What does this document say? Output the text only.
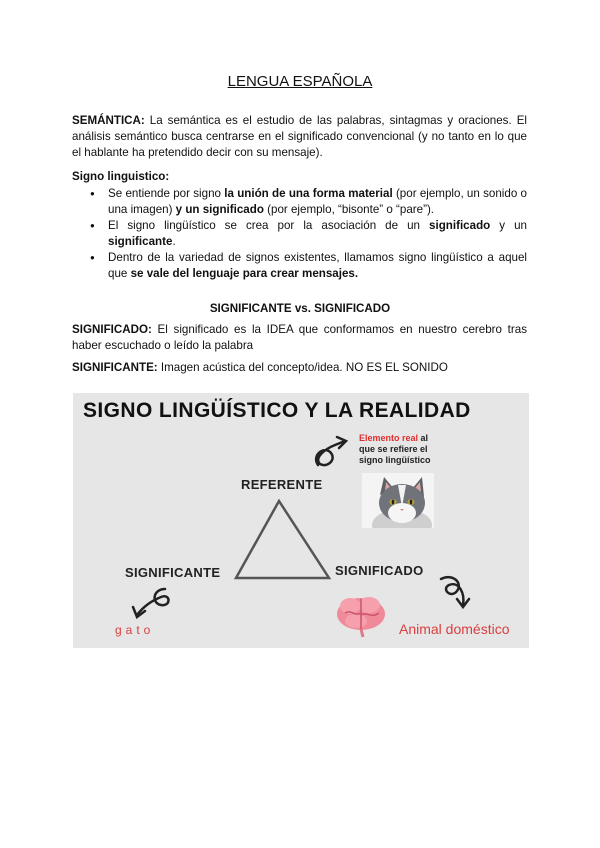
LENGUA ESPAÑOLA
SEMÁNTICA: La semántica es el estudio de las palabras, sintagmas y oraciones. El análisis semántico busca centrarse en el significado convencional (y no tanto en lo que el hablante ha pretendido decir con su mensaje).
Signo linguistico:
● Se entiende por signo la unión de una forma material (por ejemplo, un sonido o una imagen) y un significado (por ejemplo, “bisonte” o “pare”).
● El signo lingüístico se crea por la asociación de un significado y un significante.
● Dentro de la variedad de signos existentes, llamamos signo lingüístico a aquel que se vale del lenguaje para crear mensajes.
SIGNIFICANTE vs. SIGNIFICADO
SIGNIFICADO: El significado es la IDEA que conformamos en nuestro cerebro tras haber escuchado o leído la palabra
SIGNIFICANTE: Imagen acústica del concepto/idea. NO ES EL SONIDO
SIGNO LINGÜÍSTICO Y LA REALIDAD
REFERENTE
SIGNIFICANTE	SIGNIFICADO
Elemento real al
que se refiere el
signo lingüístico
gato	Animal doméstico
